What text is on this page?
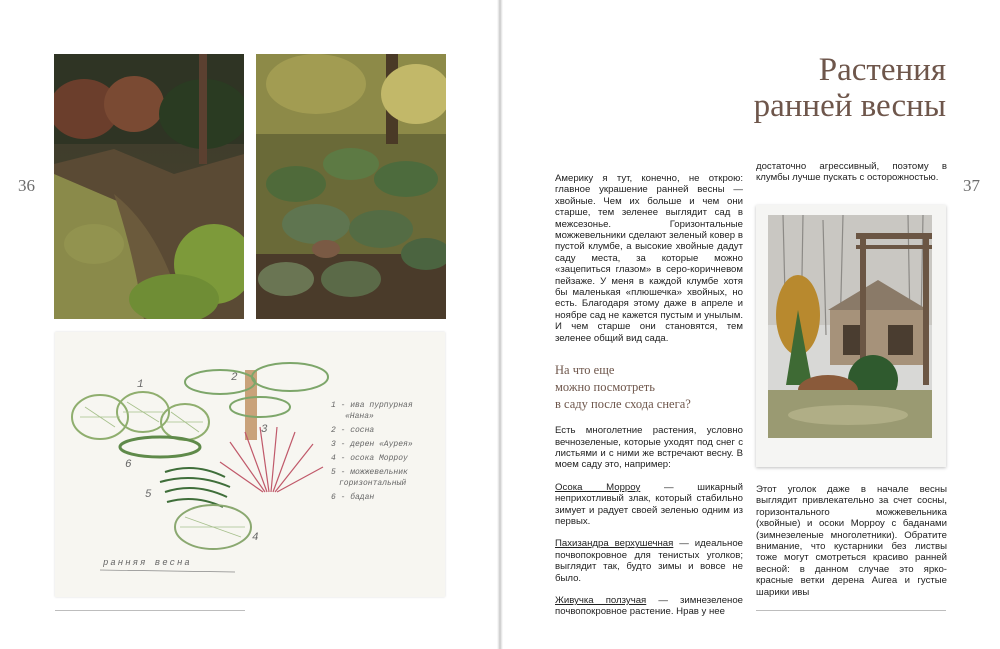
36
1
2
3
4
5
6
1 - ива пурпурная
«Нана»
2 - сосна
3 - дерен «Аурея»
4 - осока Морроу
5 - можжевельник
горизонтальный
6 - бадан
ранняя весна
37
Растения
ранней весны

Америку я тут, конечно, не открою: главное украшение ранней весны — хвойные. Чем их больше и чем они старше, тем зеленее выглядит сад в межсезонье. Горизонтальные можжевельники сделают зеленый ковер в пустой клумбе, а высокие хвойные дадут саду места, за которые можно «зацепиться глазом» в серо-коричневом пейзаже. У меня в каждой клумбе хотя бы маленькая «плюшечка» хвойных, но есть. Благодаря этому даже в апреле и ноябре сад не кажется пустым и унылым. И чем старше они становятся, тем зеленее общий вид сада.

На что еще
можно посмотреть
в саду после схода снега?

Есть многолетние растения, условно вечнозеленые, которые уходят под снег с листьями и с ними же встречают весну. В моем саду это, например:

Осока Морроу — шикарный неприхотливый злак, который стабильно зимует и радует своей зеленью одним из первых.

Пахизандра верхушечная — идеальное почвопокровное для тенистых уголков; выглядит так, будто зимы и вовсе не было.

Живучка ползучая — зимнезеленое почвопокровное растение. Нрав у нее

достаточно агрессивный, поэтому в клумбы лучше пускать с осторожностью.

Этот уголок даже в начале весны выглядит привлекательно за счет сосны, горизонтального можжевельника (хвойные) и осоки Морроу с баданами (зимнезеленые многолетники). Обратите внимание, что кустарники без листвы тоже могут смотреться красиво ранней весной: в данном случае это ярко-красные ветки дерена Aurea и густые шарики ивы
